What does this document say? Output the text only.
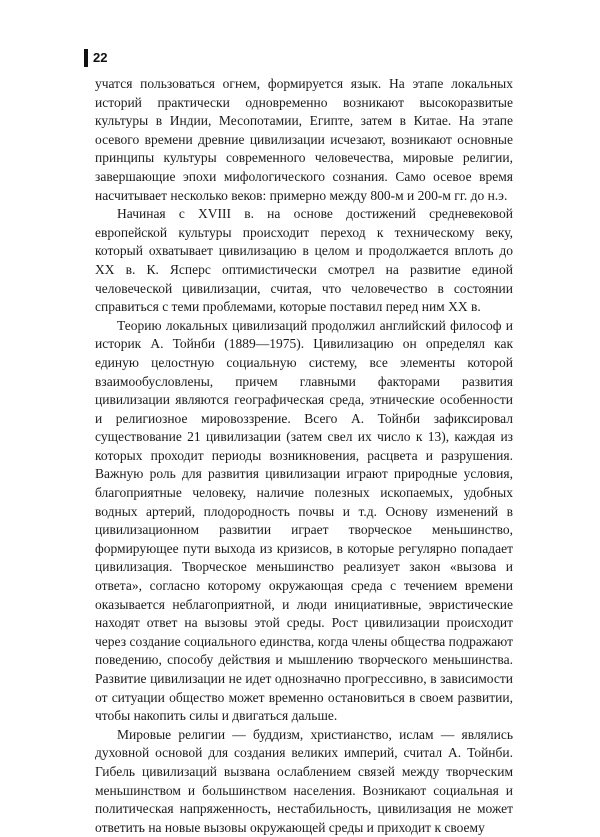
22

учатся пользоваться огнем, формируется язык. На этапе локальных историй практически одновременно возникают высокоразвитые культуры в Индии, Месопотамии, Египте, затем в Китае. На этапе осевого времени древние цивилизации исчезают, возникают основные принципы культуры современного человечества, мировые религии, завершающие эпохи мифологического сознания. Само осевое время насчитывает несколько веков: примерно между 800-м и 200-м гг. до н.э.

Начиная с XVIII в. на основе достижений средневековой европейской культуры происходит переход к техническому веку, который охватывает цивилизацию в целом и продолжается вплоть до XX в. К. Ясперс оптимистически смотрел на развитие единой человеческой цивилизации, считая, что человечество в состоянии справиться с теми проблемами, которые поставил перед ним XX в.

Теорию локальных цивилизаций продолжил английский философ и историк А. Тойнби (1889—1975). Цивилизацию он определял как единую целостную социальную систему, все элементы которой взаимообусловлены, причем главными факторами развития цивилизации являются географическая среда, этнические особенности и религиозное мировоззрение. Всего А. Тойнби зафиксировал существование 21 цивилизации (затем свел их число к 13), каждая из которых проходит периоды возникновения, расцвета и разрушения. Важную роль для развития цивилизации играют природные условия, благоприятные человеку, наличие полезных ископаемых, удобных водных артерий, плодородность почвы и т.д. Основу изменений в цивилизационном развитии играет творческое меньшинство, формирующее пути выхода из кризисов, в которые регулярно попадает цивилизация. Творческое меньшинство реализует закон «вызова и ответа», согласно которому окружающая среда с течением времени оказывается неблагоприятной, и люди инициативные, эвристические находят ответ на вызовы этой среды. Рост цивилизации происходит через создание социального единства, когда члены общества подражают поведению, способу действия и мышлению творческого меньшинства. Развитие цивилизации не идет однозначно прогрессивно, в зависимости от ситуации общество может временно остановиться в своем развитии, чтобы накопить силы и двигаться дальше.

Мировые религии — буддизм, христианство, ислам — являлись духовной основой для создания великих империй, считал А. Тойнби. Гибель цивилизаций вызвана ослаблением связей между творческим меньшинством и большинством населения. Возникают социальная и политическая напряженность, нестабильность, цивилизация не может ответить на новые вызовы окружающей среды и приходит к своему
